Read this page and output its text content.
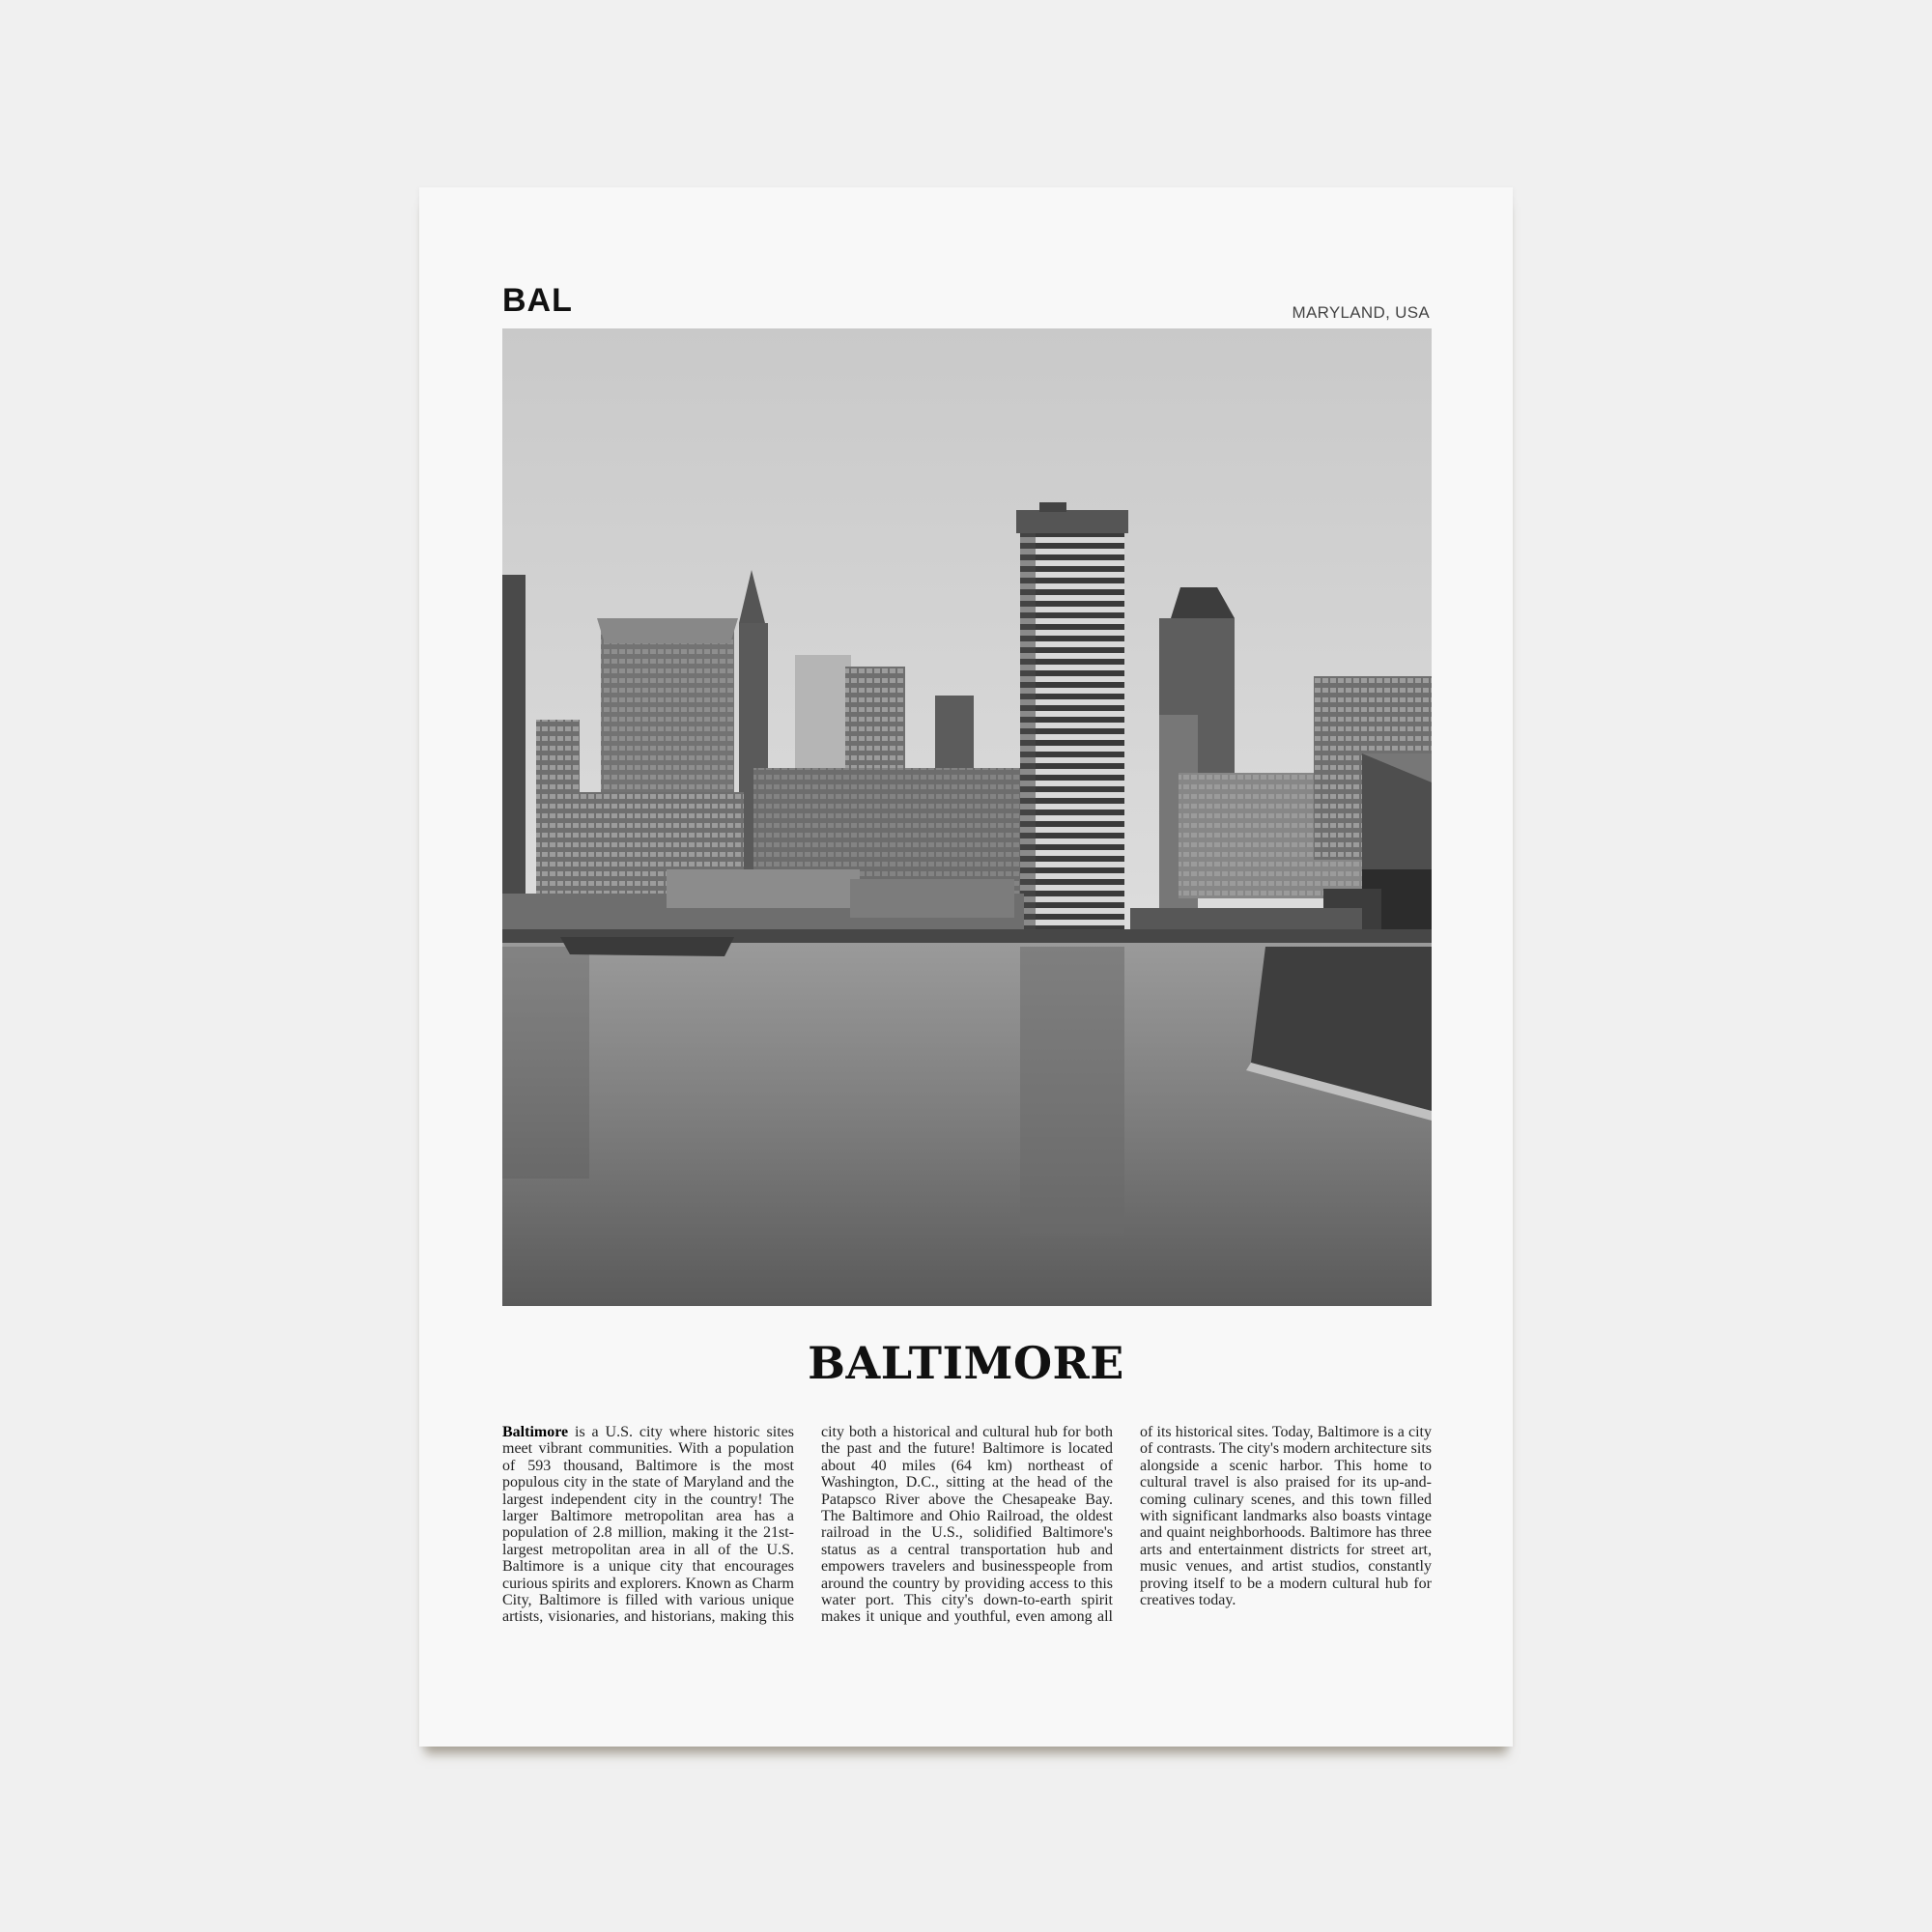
BAL	MARYLAND, USA
BALTIMORE
Baltimore is a U.S. city where historic sites meet vibrant communities. With a population of 593 thousand, Baltimore is the most populous city in the state of Maryland and the largest independent city in the country! The larger Baltimore metropolitan area has a population of 2.8 million, making it the 21st-largest metropolitan area in all of the U.S. Baltimore is a unique city that encourages curious spirits and explorers. Known as Charm City, Baltimore is filled with various unique artists, visionaries, and historians, making this city both a historical and cultural hub for both the past and the future! Baltimore is located about 40 miles (64 km) northeast of Washington, D.C., sitting at the head of the Patapsco River above the Chesapeake Bay. The Baltimore and Ohio Railroad, the oldest railroad in the U.S., solidified Baltimore's status as a central transportation hub and empowers travelers and businesspeople from around the country by providing access to this water port. This city's down-to-earth spirit makes it unique and youthful, even among all of its historical sites. Today, Baltimore is a city of contrasts. The city's modern architecture sits alongside a scenic harbor. This home to cultural travel is also praised for its up-and-coming culinary scenes, and this town filled with significant landmarks also boasts vintage and quaint neighborhoods. Baltimore has three arts and entertainment districts for street art, music venues, and artist studios, constantly proving itself to be a modern cultural hub for creatives today.
